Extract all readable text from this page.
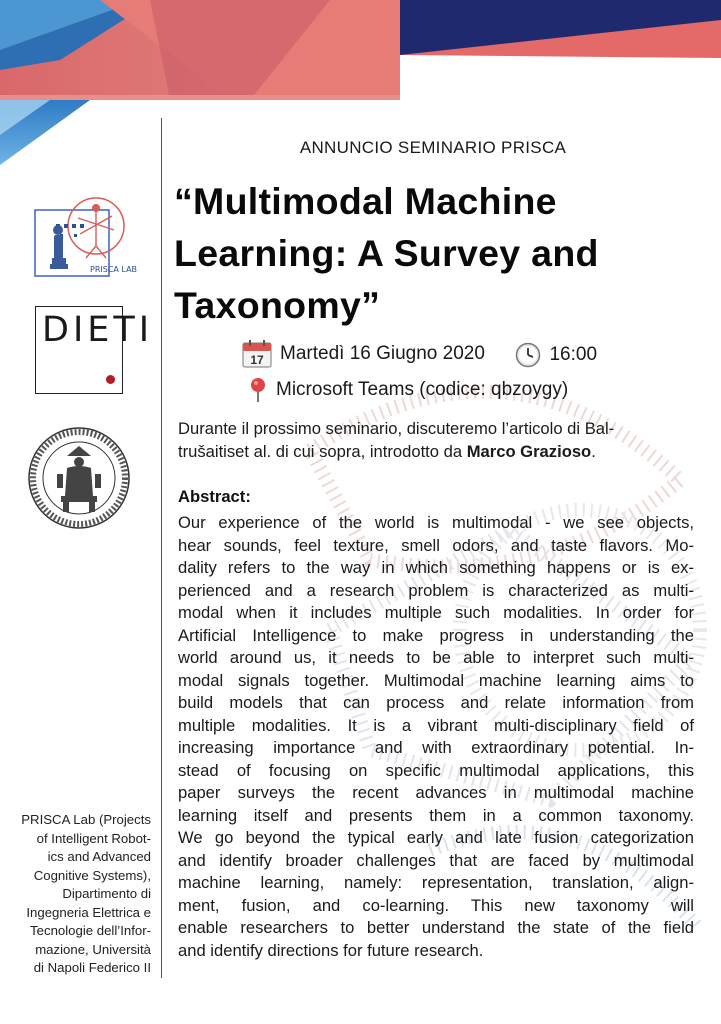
PRISCA LAB
DIETI
PRISCA Lab (Projects
of Intelligent Robot-
ics and Advanced
Cognitive Systems),
Dipartimento di
Ingegneria Elettrica e
Tecnologie dell’Infor-
mazione, Università
di Napoli Federico II
ANNUNCIO SEMINARIO PRISCA
“Multimodal Machine
Learning: A Survey and
Taxonomy”
17 Martedì 16 Giugno 2020
	16:00
Microsoft Teams (codice: qbzoygy)
Durante il prossimo seminario, discuteremo l’articolo di Bal-
trušaitiset al. di cui sopra, introdotto da Marco Grazioso.
Abstract:
Our experience of the world is multimodal - we see objects,
hear sounds, feel texture, smell odors, and taste flavors. Mo-
dality refers to the way in which something happens or is ex-
perienced and a research problem is characterized as multi-
modal when it includes multiple such modalities. In order for
Artificial Intelligence to make progress in understanding the
world around us, it needs to be able to interpret such multi-
modal signals together. Multimodal machine learning aims to
build models that can process and relate information from
multiple modalities. It is a vibrant multi-disciplinary field of
increasing importance and with extraordinary potential. In-
stead of focusing on specific multimodal applications, this
paper surveys the recent advances in multimodal machine
learning itself and presents them in a common taxonomy.
We go beyond the typical early and late fusion categorization
and identify broader challenges that are faced by multimodal
machine learning, namely: representation, translation, align-
ment, fusion, and co-learning. This new taxonomy will
enable researchers to better understand the state of the field
and identify directions for future research.
